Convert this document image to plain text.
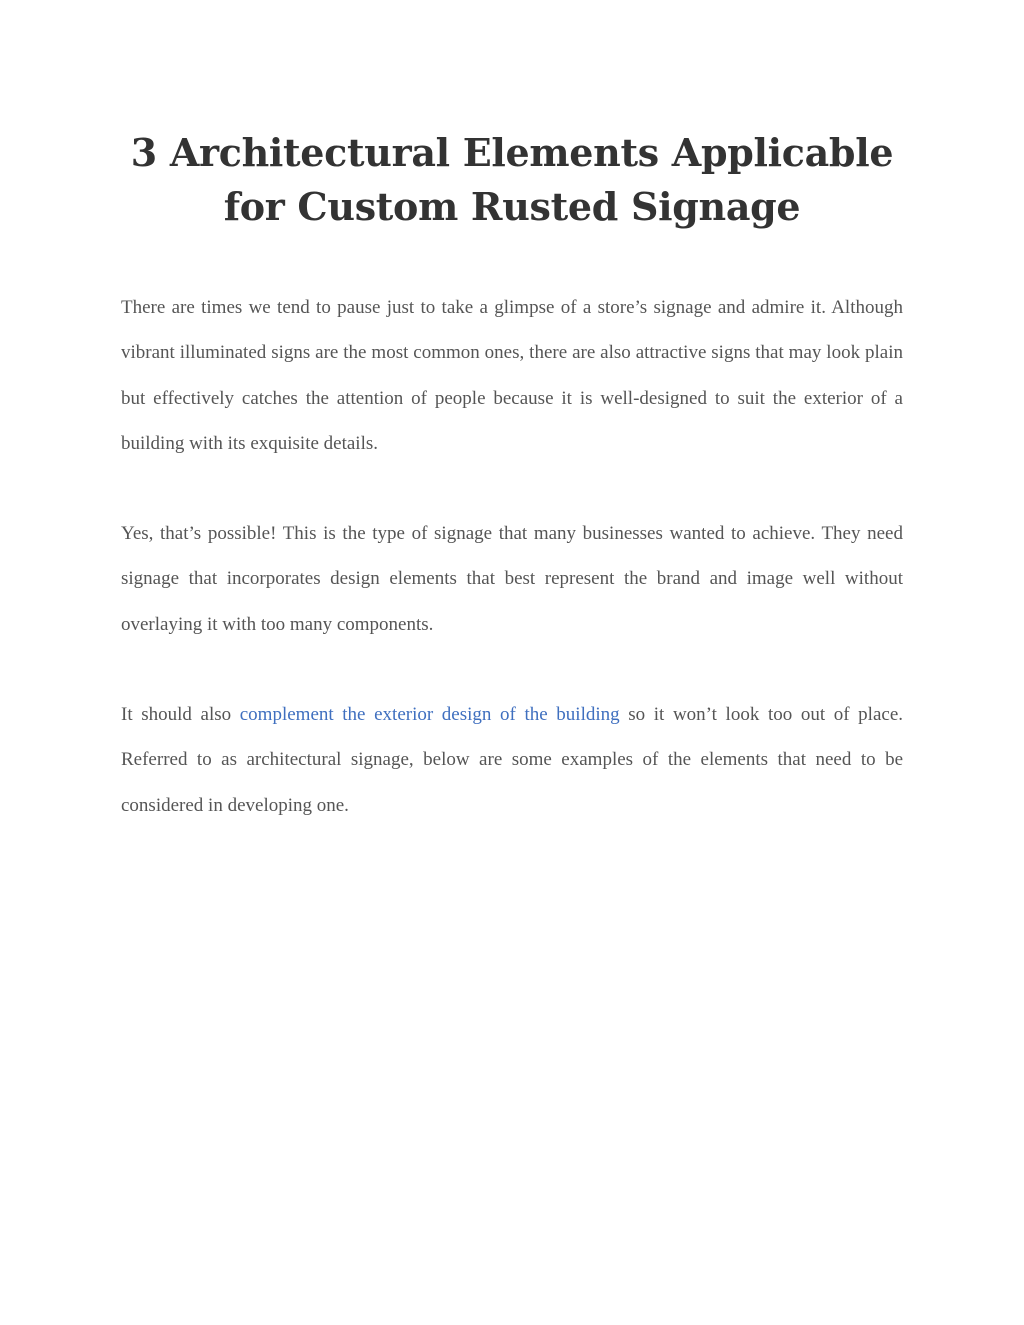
3 Architectural Elements Applicable for Custom Rusted Signage

There are times we tend to pause just to take a glimpse of a store’s signage and admire it. Although vibrant illuminated signs are the most common ones, there are also attractive signs that may look plain but effectively catches the attention of people because it is well-designed to suit the exterior of a building with its exquisite details.

Yes, that’s possible! This is the type of signage that many businesses wanted to achieve. They need signage that incorporates design elements that best represent the brand and image well without overlaying it with too many components.

It should also complement the exterior design of the building so it won’t look too out of place. Referred to as architectural signage, below are some examples of the elements that need to be considered in developing one.
